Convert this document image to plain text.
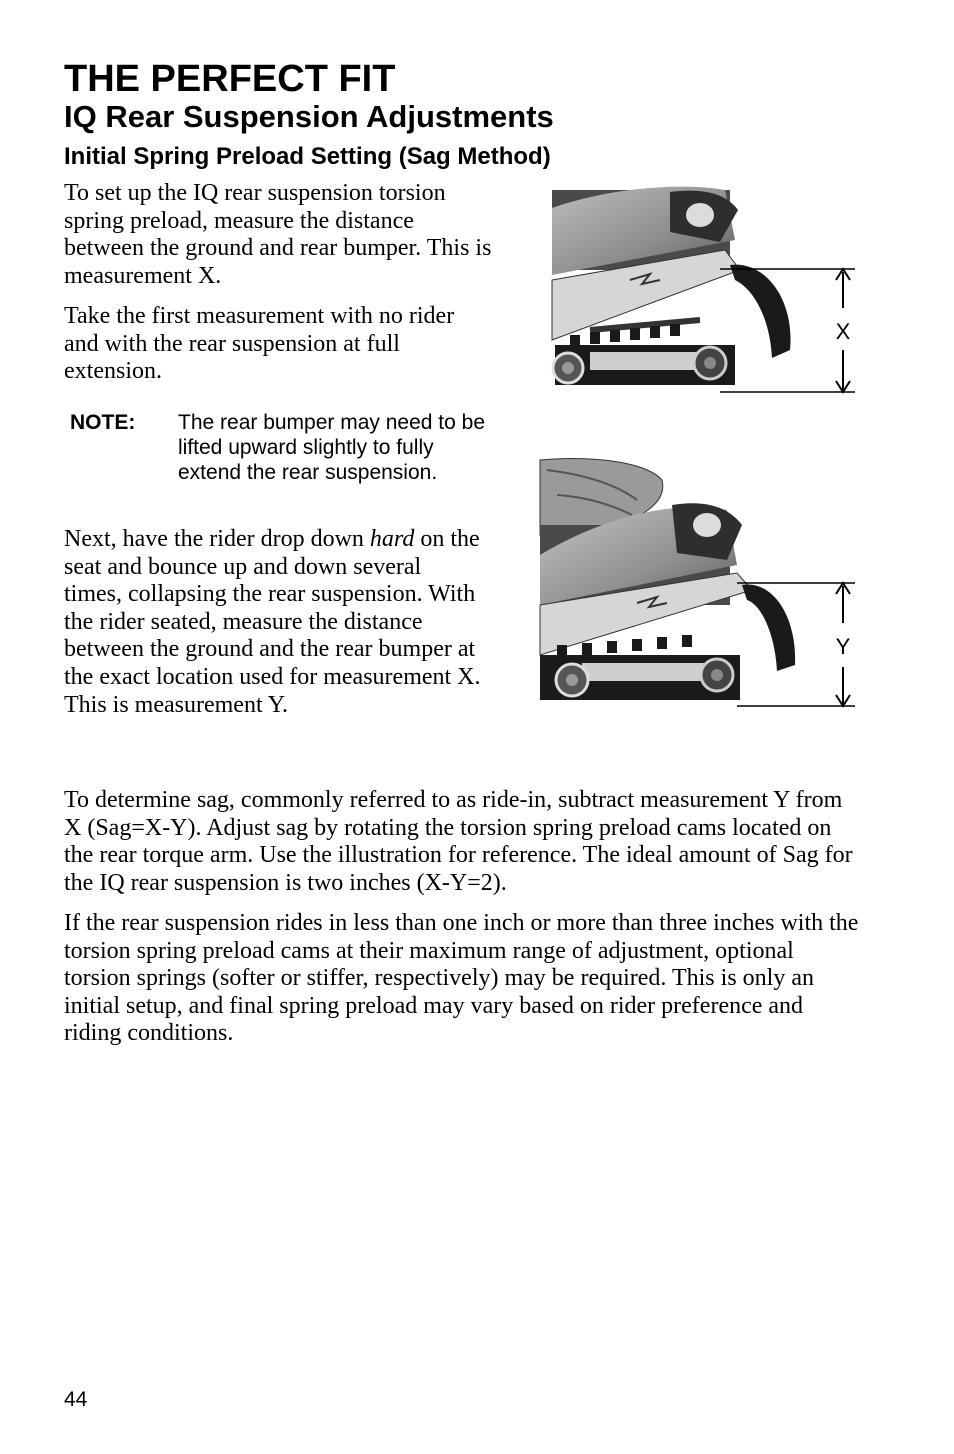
THE PERFECT FIT
IQ Rear Suspension Adjustments
Initial Spring Preload Setting (Sag Method)

To set up the IQ rear suspension torsion spring preload, measure the distance between the ground and rear bumper. This is measurement X.

Take the first measurement with no rider and with the rear suspension at full extension.

NOTE: The rear bumper may need to be lifted upward slightly to fully extend the rear suspension.

Next, have the rider drop down hard on the seat and bounce up and down several times, collapsing the rear suspension. With the rider seated, measure the distance between the ground and the rear bumper at the exact location used for measurement X. This is measurement Y.

To determine sag, commonly referred to as ride-in, subtract measurement Y from X (Sag=X-Y). Adjust sag by rotating the torsion spring preload cams located on the rear torque arm. Use the illustration for reference. The ideal amount of Sag for the IQ rear suspension is two inches (X-Y=2).

If the rear suspension rides in less than one inch or more than three inches with the torsion spring preload cams at their maximum range of adjustment, optional torsion springs (softer or stiffer, respectively) may be required. This is only an initial setup, and final spring preload may vary based on rider preference and riding conditions.

X
Y
44
